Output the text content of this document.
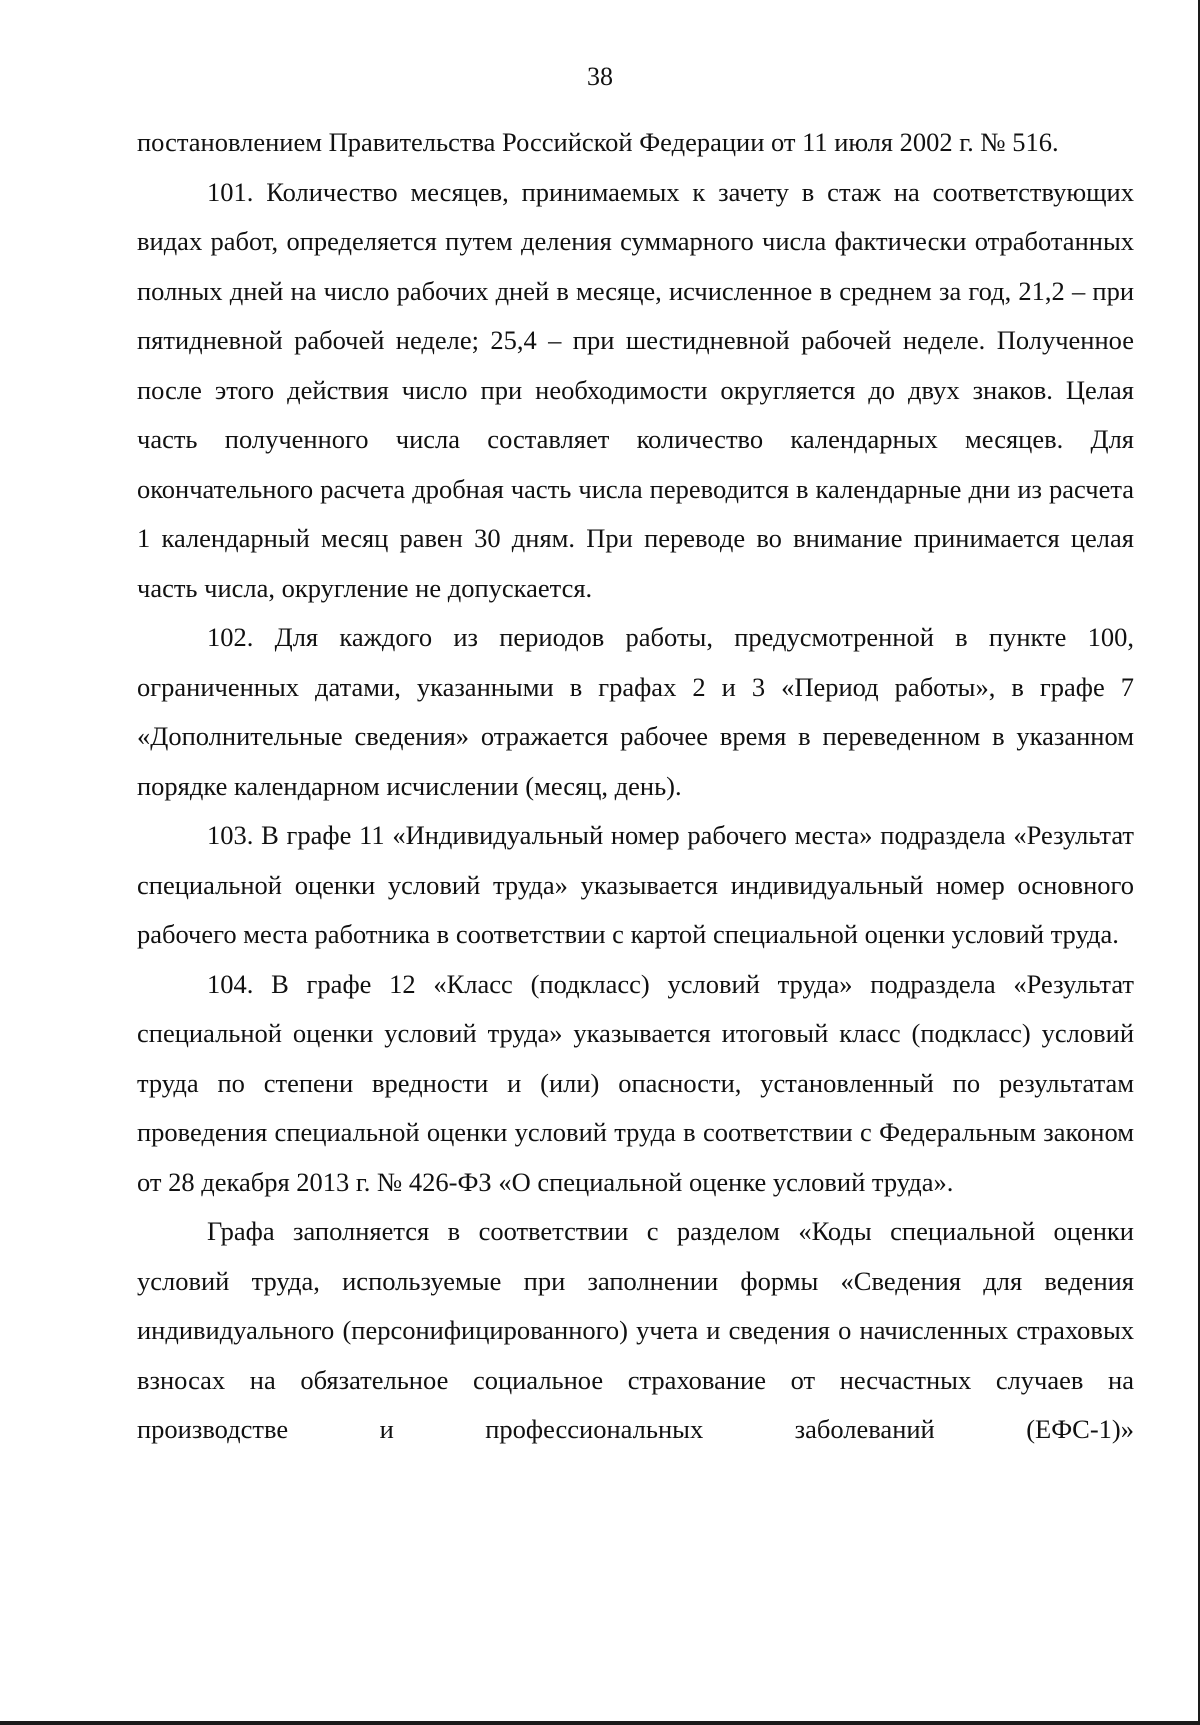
38

постановлением Правительства Российской Федерации от 11 июля 2002 г. № 516.

101. Количество месяцев, принимаемых к зачету в стаж на соответствующих видах работ, определяется путем деления суммарного числа фактически отработанных полных дней на число рабочих дней в месяце, исчисленное в среднем за год, 21,2 – при пятидневной рабочей неделе; 25,4 – при шестидневной рабочей неделе. Полученное после этого действия число при необходимости округляется до двух знаков. Целая часть полученного числа составляет количество календарных месяцев. Для окончательного расчета дробная часть числа переводится в календарные дни из расчета 1 календарный месяц равен 30 дням. При переводе во внимание принимается целая часть числа, округление не допускается.

102. Для каждого из периодов работы, предусмотренной в пункте 100, ограниченных датами, указанными в графах 2 и 3 «Период работы», в графе 7 «Дополнительные сведения» отражается рабочее время в переведенном в указанном порядке календарном исчислении (месяц, день).

103. В графе 11 «Индивидуальный номер рабочего места» подраздела «Результат специальной оценки условий труда» указывается индивидуальный номер основного рабочего места работника в соответствии с картой специальной оценки условий труда.

104. В графе 12 «Класс (подкласс) условий труда» подраздела «Результат специальной оценки условий труда» указывается итоговый класс (подкласс) условий труда по степени вредности и (или) опасности, установленный по результатам проведения специальной оценки условий труда в соответствии с Федеральным законом от 28 декабря 2013 г. № 426-ФЗ «О специальной оценке условий труда».

Графа заполняется в соответствии с разделом «Коды специальной оценки условий труда, используемые при заполнении формы «Сведения для ведения индивидуального (персонифицированного) учета и сведения о начисленных страховых взносах на обязательное социальное страхование от несчастных случаев на производстве и профессиональных заболеваний (ЕФС-1)»
